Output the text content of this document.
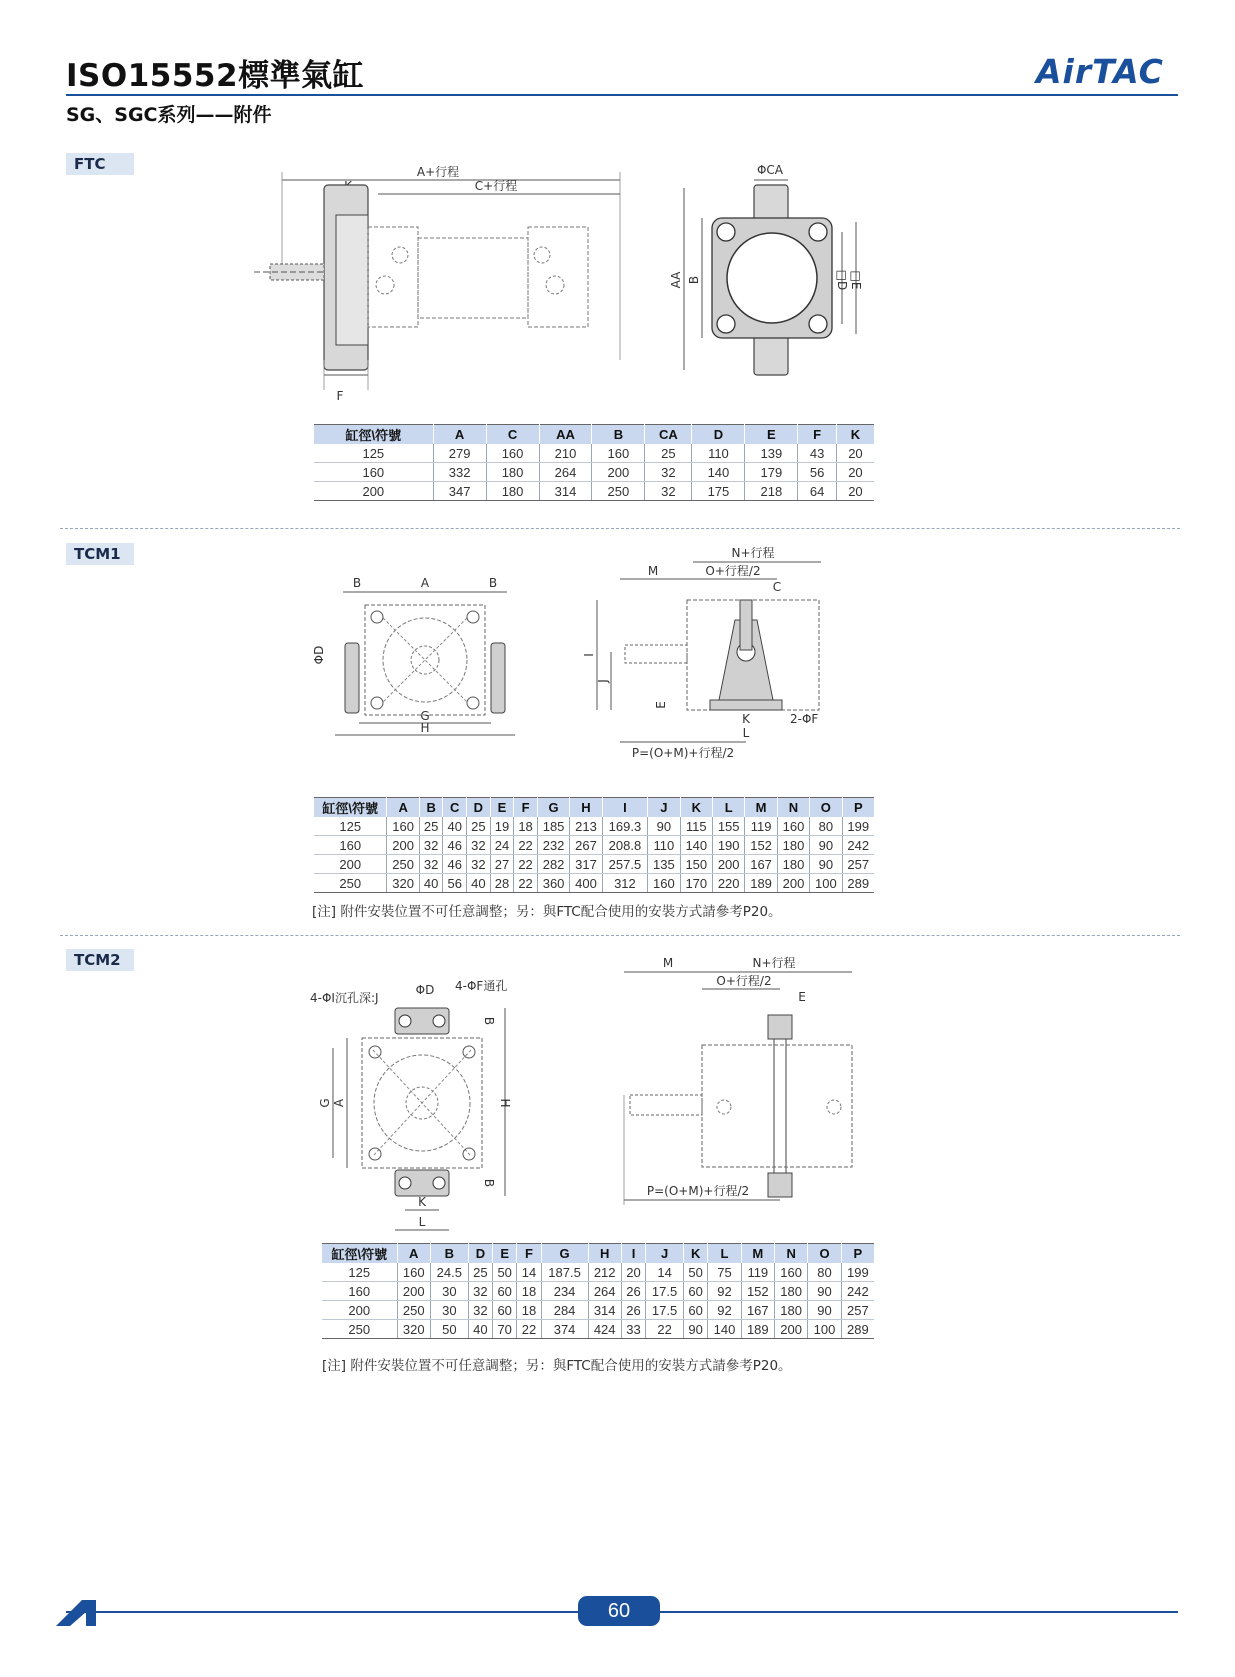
ISO15552標準氣缸
SG、SGC系列——附件
AirTAC
FTC	A+行程
C+行程
F
ΦCA
AA B	□D □E
缸徑\符號	A	C	AA	B	CA	D	E	F	K
125	279	160	210	160	25	110	139	43	20
160	332	180	264	200	32	140	179	56	20
200	347	180	314	250	32	175	218	64	20
TCM1
B	A	B
ΦD
G
H
N+行程
M	O+行程/2
C
I
J
E
K	2-ΦF
L
P=(O+M)+行程/2
缸徑\符號	A	B	C	D	E	F	G	H	I	J	K	L	M	N	O	P
125	160	25	40	25	19	18	185	213	169.3	90	115	155	119	160	80	199
160	200	32	46	32	24	22	232	267	208.8	110	140	190	152	180	90	242
200	250	32	46	32	27	22	282	317	257.5	135	150	200	167	180	90	257
250	320	40	56	40	28	22	360	400	312	160	170	220	189	200	100	289
[注] 附件安裝位置不可任意調整；另：與FTC配合使用的安裝方式請參考P20。
TCM2
4-ΦI沉孔深:J
ΦD 4-ΦF通孔
G A	H
B
B
K
L
M	N+行程
O+行程/2
E
P=(O+M)+行程/2
缸徑\符號	A	B	D	E	F	G	H	I	J	K	L	M	N	O	P
125	160	24.5	25	50	14	187.5	212	20	14	50	75	119	160	80	199
160	200	30	32	60	18	234	264	26	17.5	60	92	152	180	90	242
200	250	30	32	60	18	284	314	26	17.5	60	92	167	180	90	257
250	320	50	40	70	22	374	424	33	22	90	140	189	200	100	289
[注] 附件安裝位置不可任意調整；另：與FTC配合使用的安裝方式請參考P20。
60
